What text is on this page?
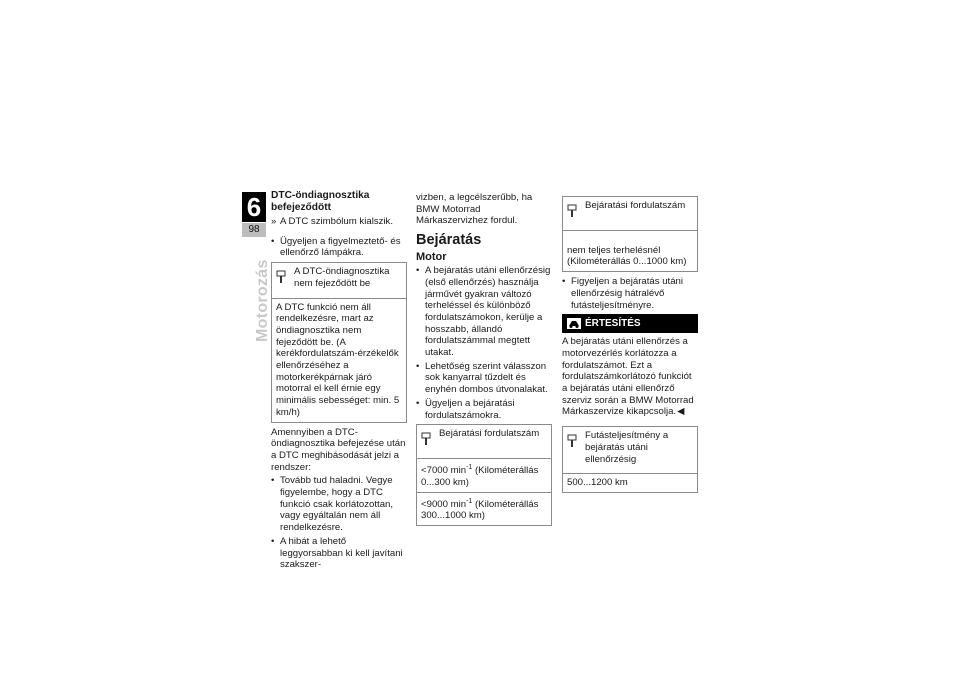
6
98
Motorozás
DTC-öndiagnosztika befejeződött
» A DTC szimbólum kialszik.
• Ügyeljen a figyelmeztető- és ellenőrző lámpákra.
A DTC-öndiagnosztika nem fejeződött be
A DTC funkció nem áll rendelkezésre, mart az öndiagnosztika nem fejeződött be. (A kerékfordulatszám-érzékelők ellenőrzéséhez a motorkerékpárnak járó motorral el kell érnie egy minimális sebességet: min. 5 km/h)

Amennyiben a DTC-öndiagnosztika befejezése után a DTC meghibásodását jelzi a rendszer:

• Tovább tud haladni. Vegye figyelembe, hogy a DTC funkció csak korlátozottan, vagy egyáltalán nem áll rendelkezésre.
• A hibát a lehető leggyorsabban ki kell javítani szakszer-

vizben, a legcélszerűbb, ha BMW Motorrad Márkaszervizhez fordul.

Bejáratás
Motor
• A bejáratás utáni ellenőrzésig (első ellenőrzés) használja járművét gyakran változó terheléssel és különböző fordulatszámokon, kerülje a hosszabb, állandó fordulatszámmal megtett utakat.
• Lehetőség szerint válasszon sok kanyarral tűzdelt és enyhén dombos útvonalakat.
• Ügyeljen a bejáratási fordulatszámokra.
Bejáratási fordulatszám
<7000 $\min^{-1}$ (Kilométerállás 0...300 km)
<9000 $\min^{-1}$ (Kilométerállás 300...1000 km)
Bejáratási fordulatszám
nem teljes terhelésnél (Kilométerállás 0...1000 km)
• Figyeljen a bejáratás utáni ellenőrzésig hátralévő futásteljesítményre.
ÉRTESÍTÉS

A bejáratás utáni ellenőrzés a motorvezérlés korlátozza a fordulatszámot. Ezt a fordulatszámkorlátozó funkciót a bejáratás utáni ellenőrző szerviz során a BMW Motorrad Márkaszervize kikapcsolja.◀

Futásteljesítmény a bejáratás utáni ellenőrzésig
500...1200 km
